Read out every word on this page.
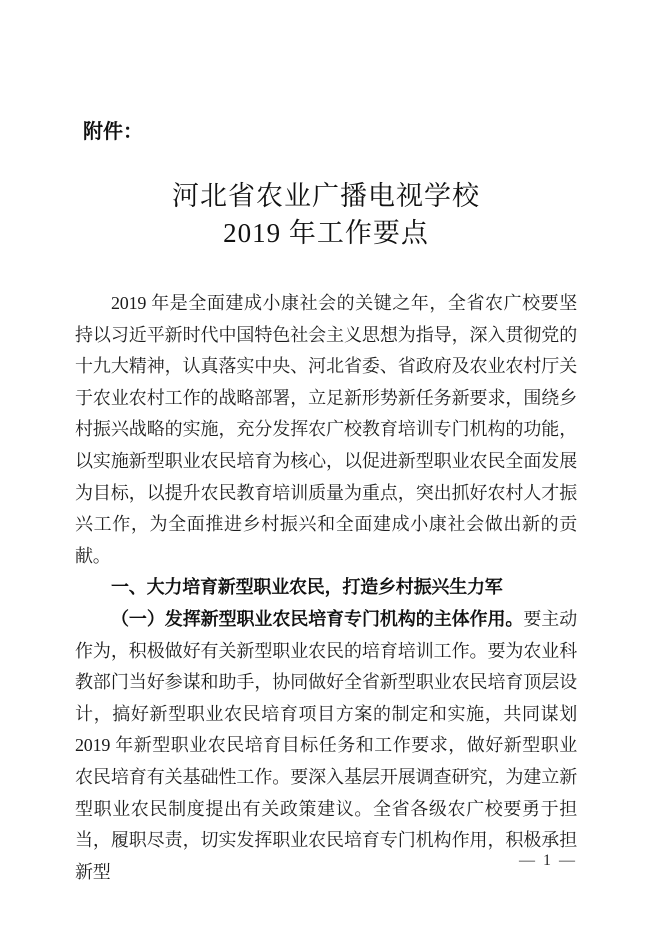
附件：
河北省农业广播电视学校
2019 年工作要点

2019 年是全面建成小康社会的关键之年，全省农广校要坚持以习近平新时代中国特色社会主义思想为指导，深入贯彻党的十九大精神，认真落实中央、河北省委、省政府及农业农村厅关于农业农村工作的战略部署，立足新形势新任务新要求，围绕乡村振兴战略的实施，充分发挥农广校教育培训专门机构的功能，以实施新型职业农民培育为核心，以促进新型职业农民全面发展为目标，以提升农民教育培训质量为重点，突出抓好农村人才振兴工作，为全面推进乡村振兴和全面建成小康社会做出新的贡献。

一、大力培育新型职业农民，打造乡村振兴生力军

（一）发挥新型职业农民培育专门机构的主体作用。要主动作为，积极做好有关新型职业农民的培育培训工作。要为农业科教部门当好参谋和助手，协同做好全省新型职业农民培育顶层设计，搞好新型职业农民培育项目方案的制定和实施，共同谋划 2019 年新型职业农民培育目标任务和工作要求，做好新型职业农民培育有关基础性工作。要深入基层开展调查研究，为建立新型职业农民制度提出有关政策建议。全省各级农广校要勇于担当，履职尽责，切实发挥职业农民培育专门机构作用，积极承担新型

— 1 —
